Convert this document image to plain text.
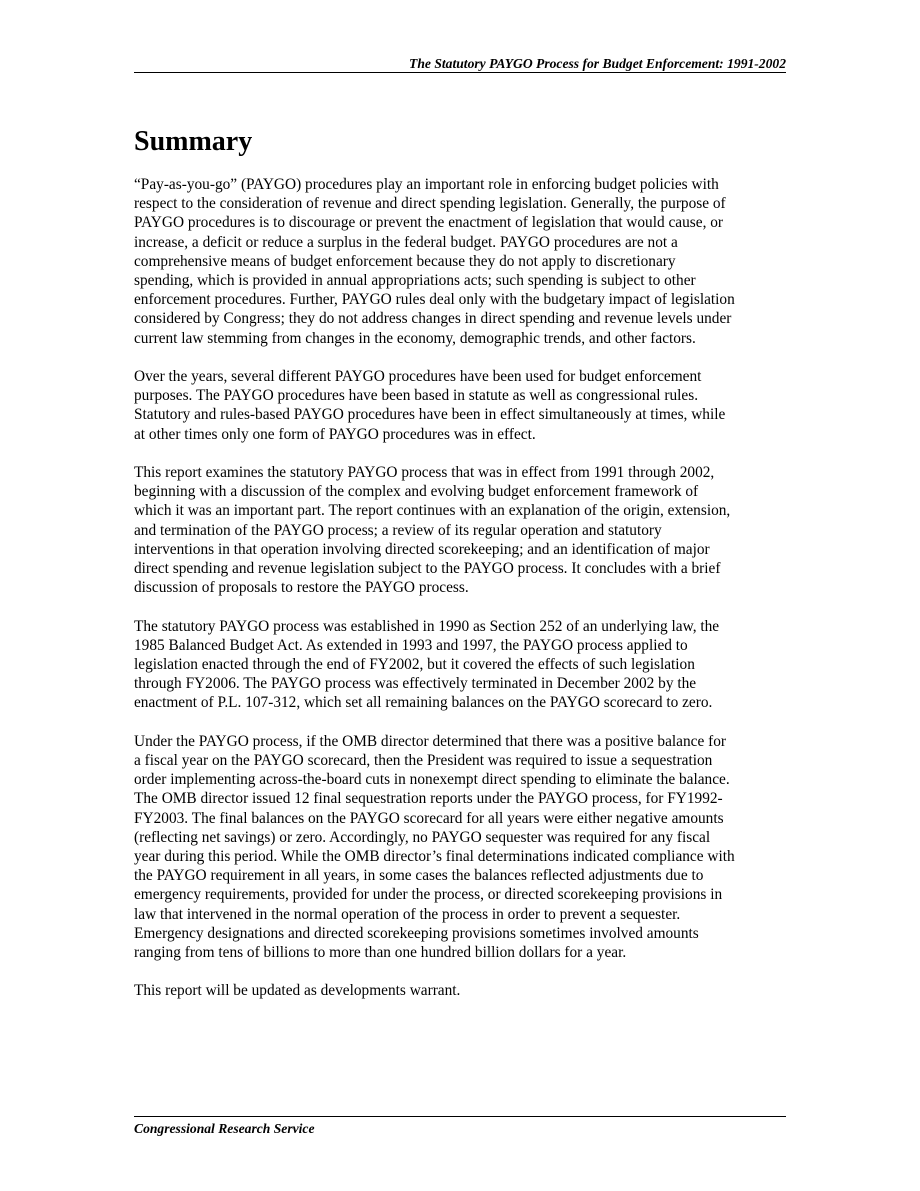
The Statutory PAYGO Process for Budget Enforcement: 1991-2002
Summary

“Pay-as-you-go” (PAYGO) procedures play an important role in enforcing budget policies with
respect to the consideration of revenue and direct spending legislation. Generally, the purpose of
PAYGO procedures is to discourage or prevent the enactment of legislation that would cause, or
increase, a deficit or reduce a surplus in the federal budget. PAYGO procedures are not a
comprehensive means of budget enforcement because they do not apply to discretionary
spending, which is provided in annual appropriations acts; such spending is subject to other
enforcement procedures. Further, PAYGO rules deal only with the budgetary impact of legislation
considered by Congress; they do not address changes in direct spending and revenue levels under
current law stemming from changes in the economy, demographic trends, and other factors.

Over the years, several different PAYGO procedures have been used for budget enforcement
purposes. The PAYGO procedures have been based in statute as well as congressional rules.
Statutory and rules-based PAYGO procedures have been in effect simultaneously at times, while
at other times only one form of PAYGO procedures was in effect.

This report examines the statutory PAYGO process that was in effect from 1991 through 2002,
beginning with a discussion of the complex and evolving budget enforcement framework of
which it was an important part. The report continues with an explanation of the origin, extension,
and termination of the PAYGO process; a review of its regular operation and statutory
interventions in that operation involving directed scorekeeping; and an identification of major
direct spending and revenue legislation subject to the PAYGO process. It concludes with a brief
discussion of proposals to restore the PAYGO process.

The statutory PAYGO process was established in 1990 as Section 252 of an underlying law, the
1985 Balanced Budget Act. As extended in 1993 and 1997, the PAYGO process applied to
legislation enacted through the end of FY2002, but it covered the effects of such legislation
through FY2006. The PAYGO process was effectively terminated in December 2002 by the
enactment of P.L. 107-312, which set all remaining balances on the PAYGO scorecard to zero.

Under the PAYGO process, if the OMB director determined that there was a positive balance for
a fiscal year on the PAYGO scorecard, then the President was required to issue a sequestration
order implementing across-the-board cuts in nonexempt direct spending to eliminate the balance.
The OMB director issued 12 final sequestration reports under the PAYGO process, for FY1992-
FY2003. The final balances on the PAYGO scorecard for all years were either negative amounts
(reflecting net savings) or zero. Accordingly, no PAYGO sequester was required for any fiscal
year during this period. While the OMB director’s final determinations indicated compliance with
the PAYGO requirement in all years, in some cases the balances reflected adjustments due to
emergency requirements, provided for under the process, or directed scorekeeping provisions in
law that intervened in the normal operation of the process in order to prevent a sequester.
Emergency designations and directed scorekeeping provisions sometimes involved amounts
ranging from tens of billions to more than one hundred billion dollars for a year.

This report will be updated as developments warrant.

Congressional Research Service
